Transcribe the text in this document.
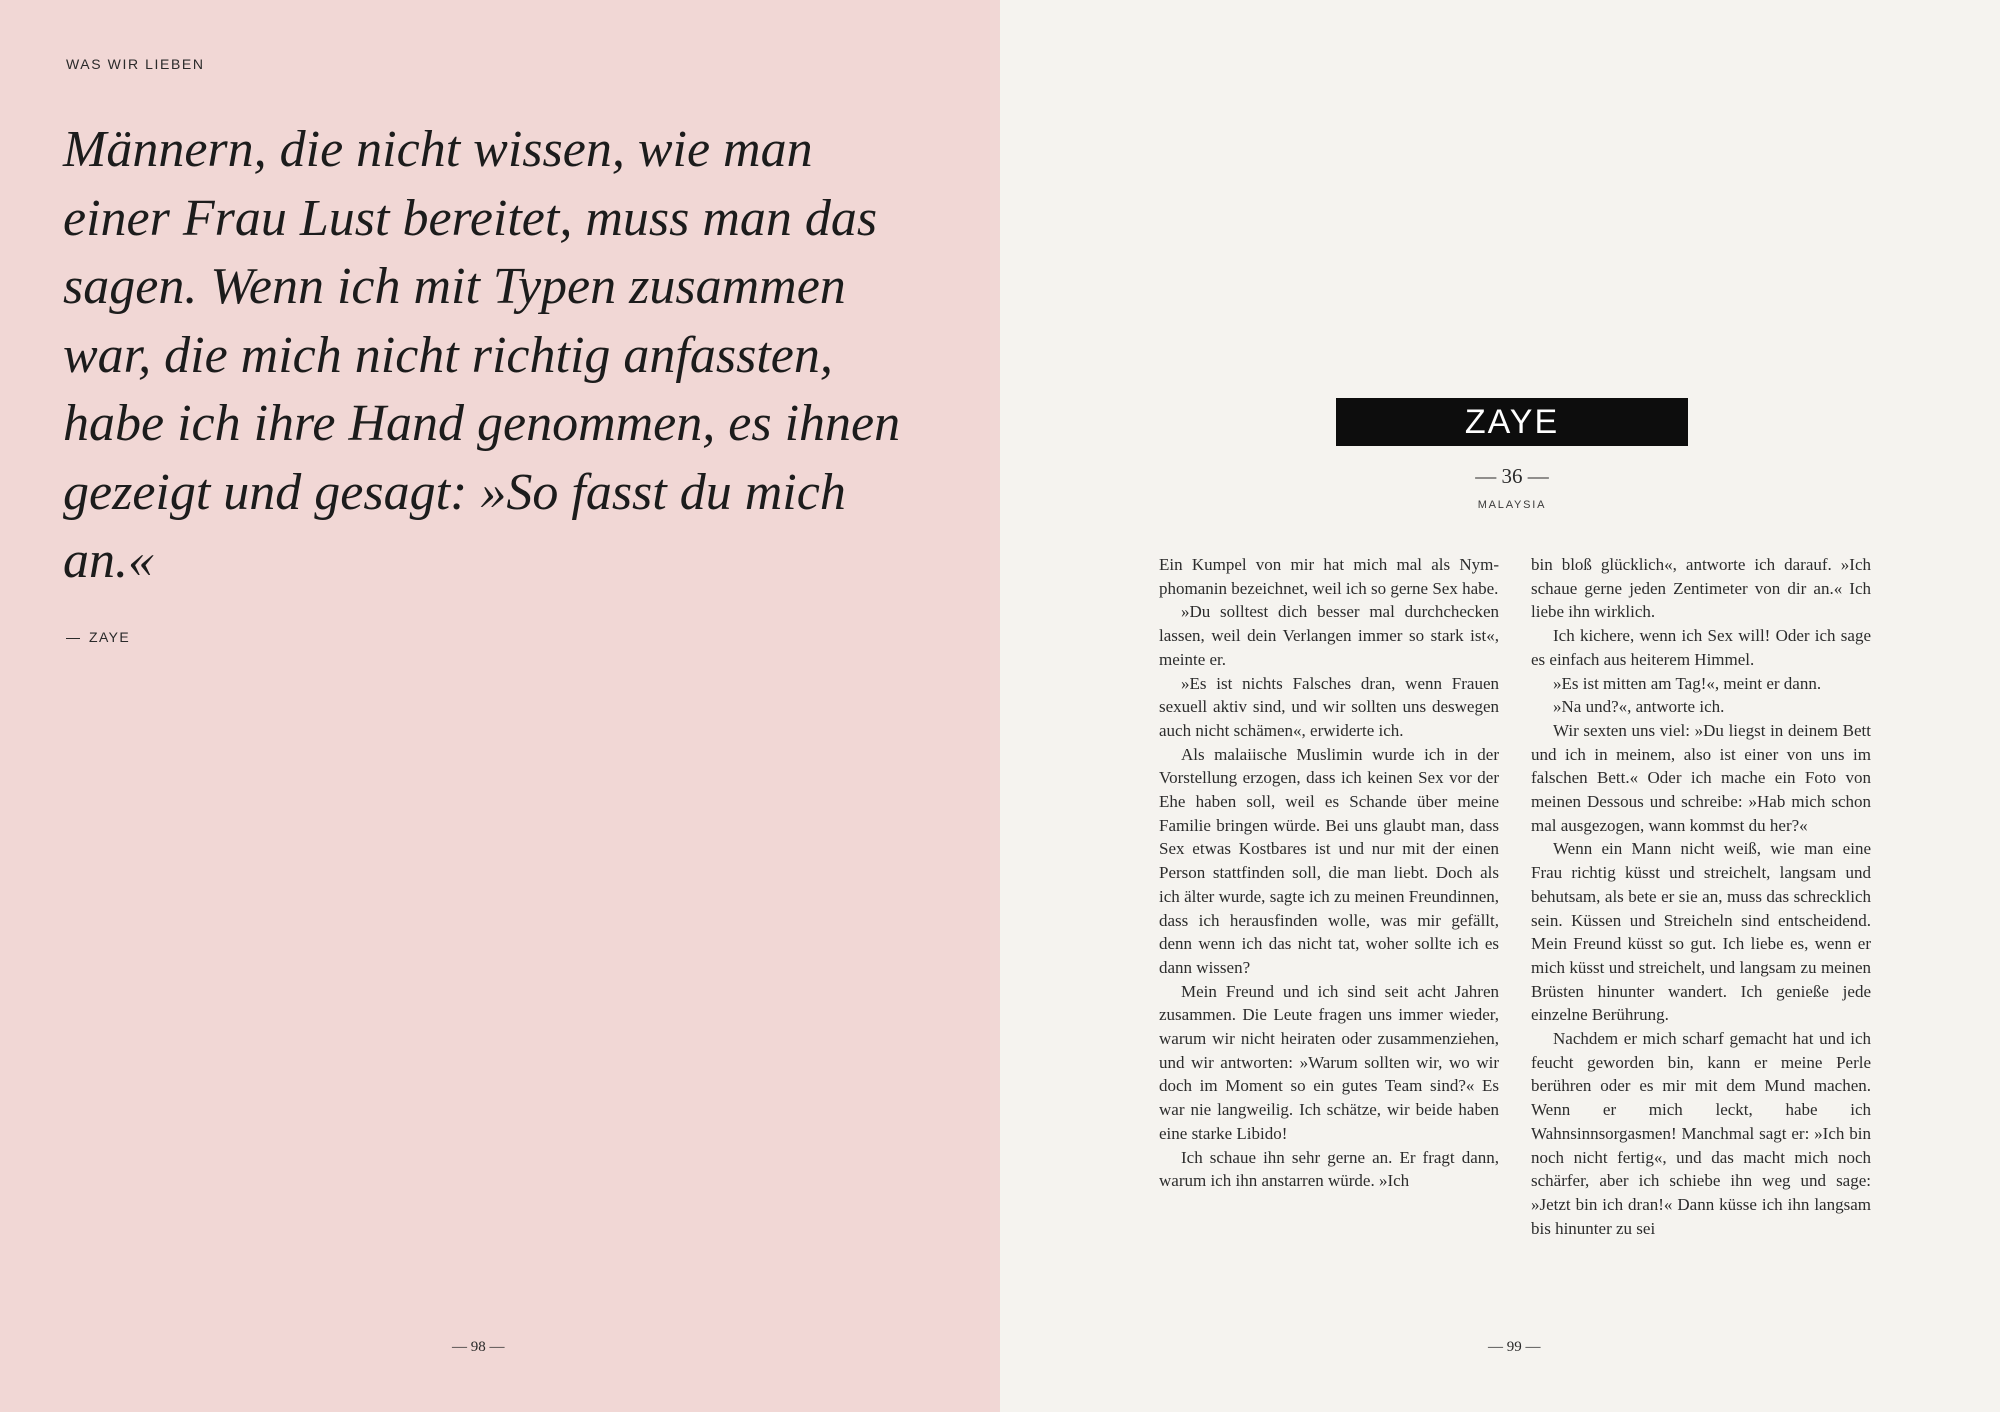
WAS WIR LIEBEN

Männern, die nicht wissen, wie man einer Frau Lust bereitet, muss man das sagen. Wenn ich mit Typen zusammen war, die mich nicht richtig anfassten, habe ich ihre Hand genommen, es ihnen gezeigt und gesagt: »So fasst du mich an.«

ZAYE
— 98 —
ZAYE
— 36 —
MALAYSIA

Ein Kumpel von mir hat mich mal als Nymphomanin bezeichnet, weil ich so gerne Sex habe.

»Du solltest dich besser mal durchchecken lassen, weil dein Verlangen immer so stark ist«, meinte er.

»Es ist nichts Falsches dran, wenn Frauen sexuell aktiv sind, und wir sollten uns deswegen auch nicht schämen«, erwiderte ich.

Als malaiische Muslimin wurde ich in der Vorstellung erzogen, dass ich keinen Sex vor der Ehe haben soll, weil es Schande über meine Familie bringen würde. Bei uns glaubt man, dass Sex etwas Kostbares ist und nur mit der einen Person stattfinden soll, die man liebt. Doch als ich älter wurde, sagte ich zu meinen Freundinnen, dass ich herausfinden wolle, was mir gefällt, denn wenn ich das nicht tat, woher sollte ich es dann wissen?

Mein Freund und ich sind seit acht Jahren zusammen. Die Leute fragen uns immer wieder, warum wir nicht heiraten oder zusammenziehen, und wir antworten: »Warum sollten wir, wo wir doch im Moment so ein gutes Team sind?« Es war nie langweilig. Ich schätze, wir beide haben eine starke Libido!

Ich schaue ihn sehr gerne an. Er fragt dann, warum ich ihn anstarren würde. »Ich

bin bloß glücklich«, antworte ich darauf. »Ich schaue gerne jeden Zentimeter von dir an.« Ich liebe ihn wirklich.

Ich kichere, wenn ich Sex will! Oder ich sage es einfach aus heiterem Himmel.

»Es ist mitten am Tag!«, meint er dann.

»Na und?«, antworte ich.

Wir sexten uns viel: »Du liegst in deinem Bett und ich in meinem, also ist einer von uns im falschen Bett.« Oder ich mache ein Foto von meinen Dessous und schreibe: »Hab mich schon mal ausgezogen, wann kommst du her?«

Wenn ein Mann nicht weiß, wie man eine Frau richtig küsst und streichelt, langsam und behutsam, als bete er sie an, muss das schrecklich sein. Küssen und Streicheln sind entscheidend. Mein Freund küsst so gut. Ich liebe es, wenn er mich küsst und streichelt, und langsam zu meinen Brüsten hinunter wandert. Ich genieße jede einzelne Berührung.

Nachdem er mich scharf gemacht hat und ich feucht geworden bin, kann er meine Perle berühren oder es mir mit dem Mund machen. Wenn er mich leckt, habe ich Wahnsinnsorgasmen! Manchmal sagt er: »Ich bin noch nicht fertig«, und das macht mich noch schärfer, aber ich schiebe ihn weg und sage: »Jetzt bin ich dran!« Dann küsse ich ihn langsam bis hinunter zu sei

— 99 —
